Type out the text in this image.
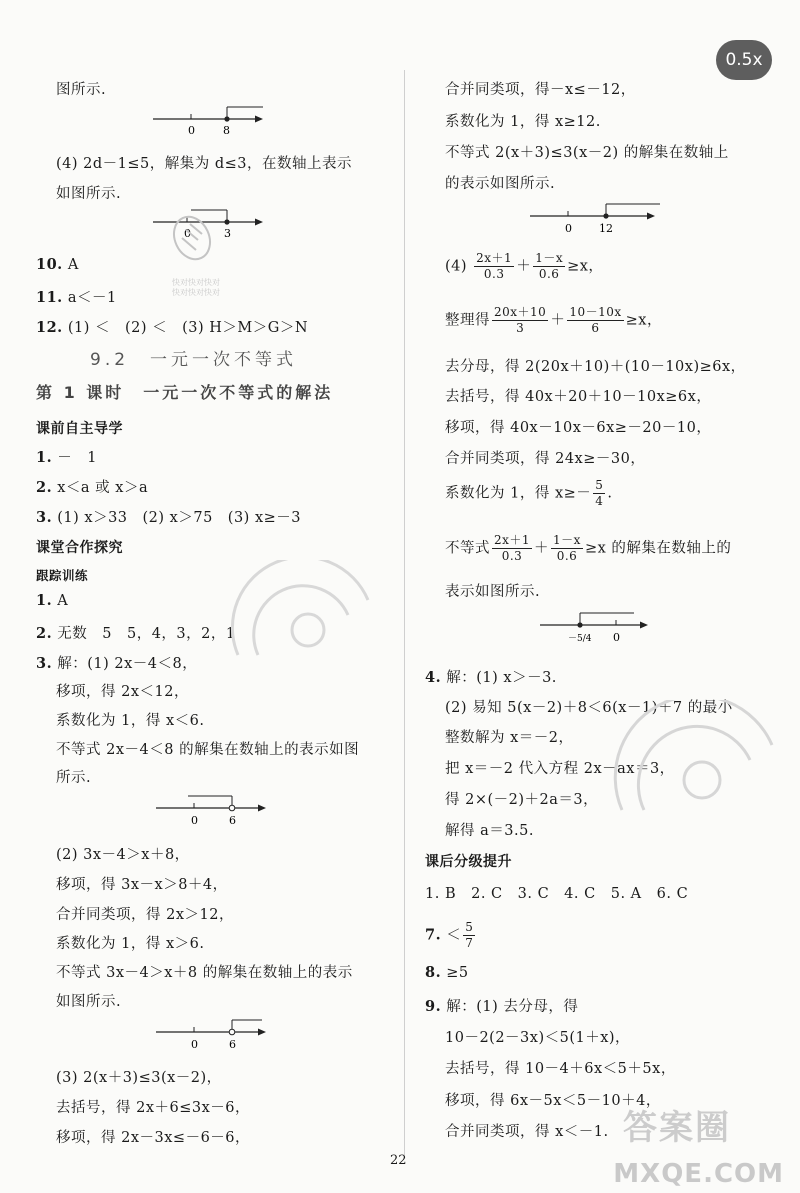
0.5x
图所示.
0	8
(4) 2d－1≤5，解集为 d≤3，在数轴上表示
如图所示.
0	3
快对快对快对
快对快对快对
10. A
11. a＜－1
12. (1) ＜　(2) ＜　(3) H＞M＞G＞N
9.2　一元一次不等式
第 1 课时　一元一次不等式的解法
课前自主导学
1. －　1
2. x＜a 或 x＞a
3. (1) x＞33　(2) x＞75　(3) x≥－3
课堂合作探究
跟踪训练
1. A
2. 无数　5　5，4，3，2，1
3. 解：(1) 2x－4＜8，
移项，得 2x＜12，
系数化为 1，得 x＜6.
不等式 2x－4＜8 的解集在数轴上的表示如图
所示.
0	6
(2) 3x－4＞x＋8，
移项，得 3x－x＞8＋4，
合并同类项，得 2x＞12，
系数化为 1，得 x＞6.
不等式 3x－4＞x＋8 的解集在数轴上的表示
如图所示.
0	6
(3) 2(x＋3)≤3(x－2)，
去括号，得 2x＋6≤3x－6，
移项，得 2x－3x≤－6－6，
合并同类项，得－x≤－12，
系数化为 1，得 x≥12.
不等式 2(x＋3)≤3(x－2) 的解集在数轴上
的表示如图所示.
0 12
$(4) \frac{2x+1}{0.3} + \frac{1-x}{0.6} \ge x$，
整理得 $\frac{20x+10}{3} + \frac{10-10x}{6} \ge x$，
去分母，得 2(20x＋10)＋(10－10x)≥6x，
去括号，得 40x＋20＋10－10x≥6x，
移项，得 40x－10x－6x≥－20－10，
合并同类项，得 24x≥－30，
系数化为 1，得 $x\ge- \frac{5}{4}$ .
不等式 $\frac{2x+1}{0.3} + \frac{1-x}{0.6} \ge x$ 的解集在数轴上的
表示如图所示.
－5/4 0
4. 解：(1) x＞－3.
(2) 易知 5(x－2)＋8＜6(x－1)＋7 的最小
整数解为 x＝－2，
把 x＝－2 代入方程 2x－ax＝3，
得 2×(－2)＋2a＝3，
解得 a＝3.5.
课后分级提升
1. B　2. C　3. C　4. C　5. A　6. C
7. ＜ $\frac{5}{7}$
8. ≥5
9. 解：(1) 去分母，得
10－2(2－3x)＜5(1＋x)，
去括号，得 10－4＋6x＜5＋5x，
移项，得 6x－5x＜5－10＋4，
合并同类项，得 x＜－1. 答案圈
MXQE.COM
22
